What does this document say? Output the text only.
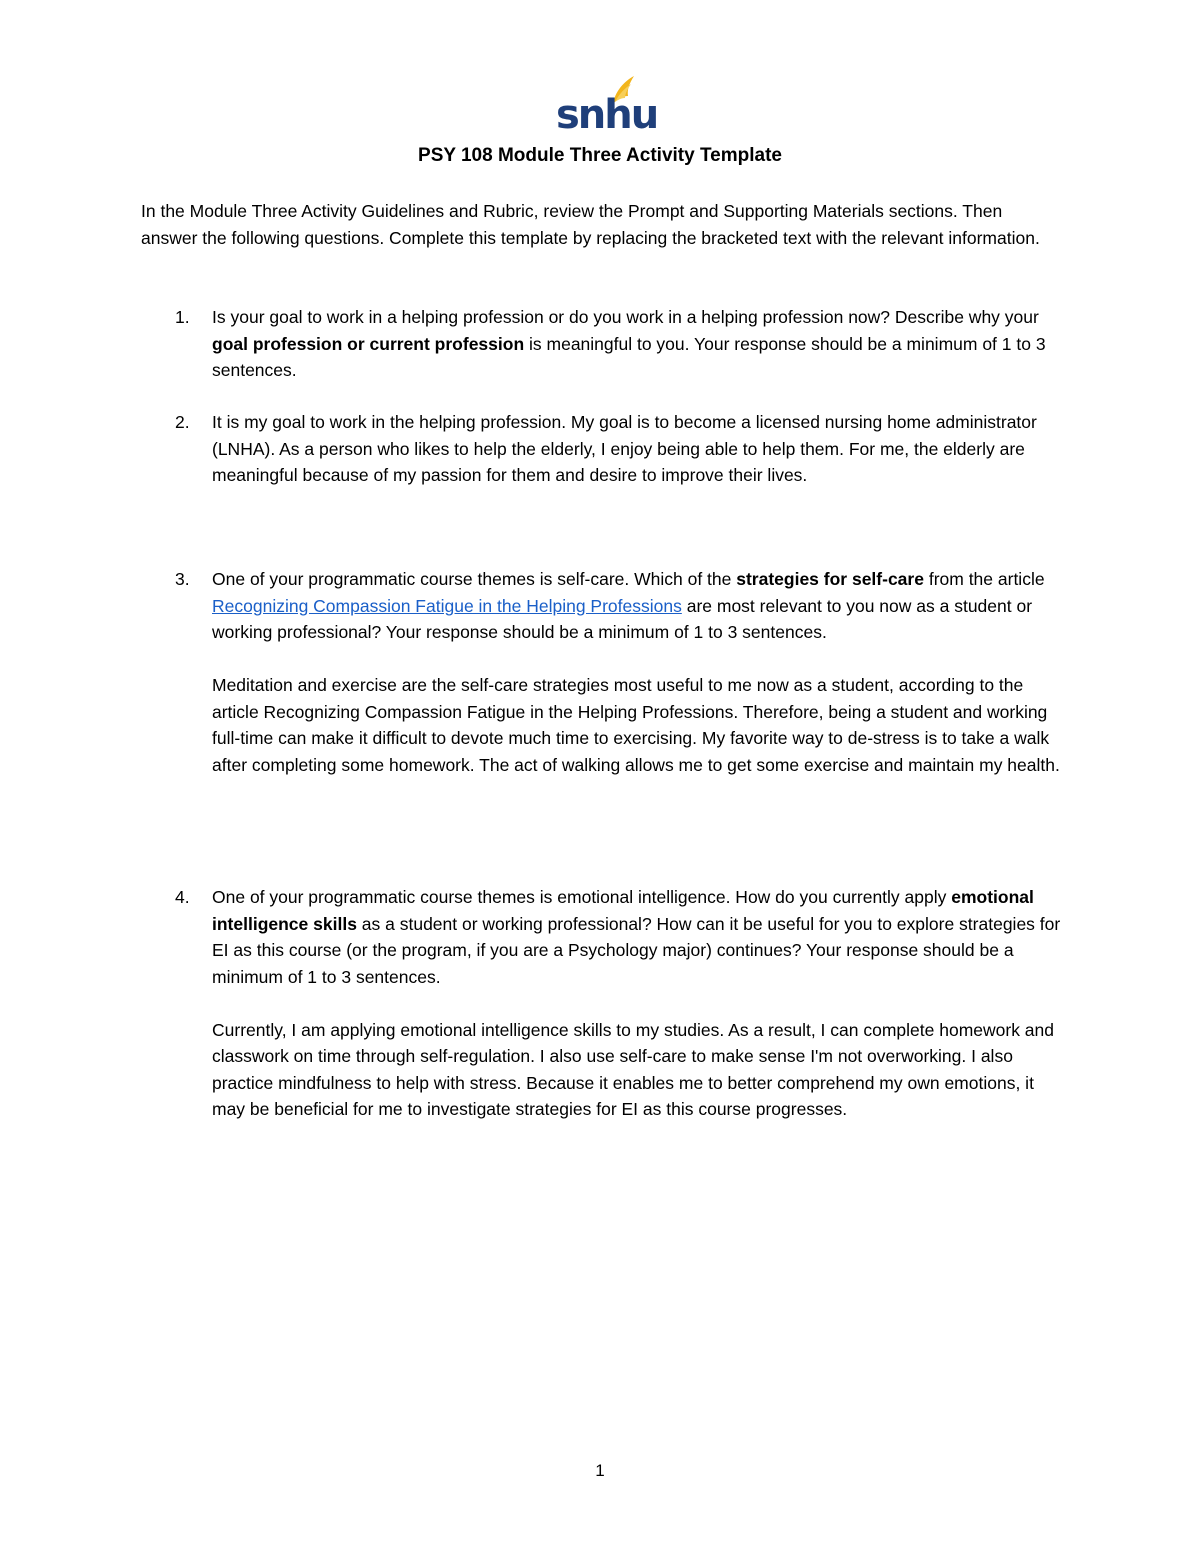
snhu
PSY 108 Module Three Activity Template
In the Module Three Activity Guidelines and Rubric, review the Prompt and Supporting Materials sections. Then answer the following questions. Complete this template by replacing the bracketed text with the relevant information.
1.	Is your goal to work in a helping profession or do you work in a helping profession now? Describe why your goal profession or current profession is meaningful to you. Your response should be a minimum of 1 to 3 sentences.
2.	It is my goal to work in the helping profession. My goal is to become a licensed nursing home administrator (LNHA). As a person who likes to help the elderly, I enjoy being able to help them. For me, the elderly are meaningful because of my passion for them and desire to improve their lives.
3.	One of your programmatic course themes is self-care. Which of the strategies for self-care from the article Recognizing Compassion Fatigue in the Helping Professions are most relevant to you now as a student or working professional? Your response should be a minimum of 1 to 3 sentences.
Meditation and exercise are the self-care strategies most useful to me now as a student, according to the article Recognizing Compassion Fatigue in the Helping Professions. Therefore, being a student and working full-time can make it difficult to devote much time to exercising. My favorite way to de-stress is to take a walk after completing some homework. The act of walking allows me to get some exercise and maintain my health.
4.	One of your programmatic course themes is emotional intelligence. How do you currently apply emotional intelligence skills as a student or working professional? How can it be useful for you to explore strategies for EI as this course (or the program, if you are a Psychology major) continues? Your response should be a minimum of 1 to 3 sentences.
Currently, I am applying emotional intelligence skills to my studies. As a result, I can complete homework and classwork on time through self-regulation. I also use self-care to make sense I'm not overworking. I also practice mindfulness to help with stress. Because it enables me to better comprehend my own emotions, it may be beneficial for me to investigate strategies for EI as this course progresses.
1
